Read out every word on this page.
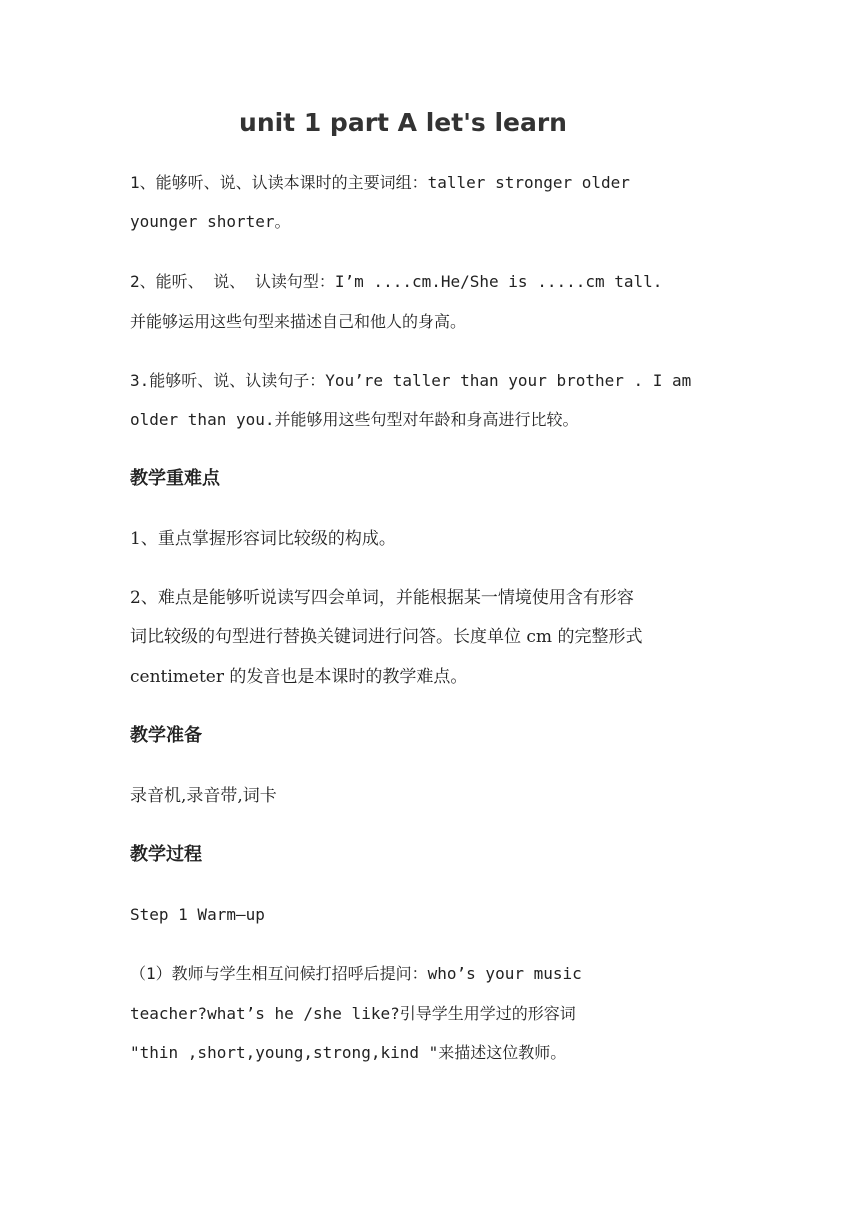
unit 1 part A let's learn
1、能够听、说、认读本课时的主要词组：taller stronger older
younger shorter。
2、能听、 说、 认读句型：I’m ....cm.He/She is .....cm tall.
并能够运用这些句型来描述自己和他人的身高。
3.能够听、说、认读句子：You’re taller than your brother . I am
older than you.并能够用这些句型对年龄和身高进行比较。
教学重难点
1、重点掌握形容词比较级的构成。
2、难点是能够听说读写四会单词，并能根据某一情境使用含有形容
词比较级的句型进行替换关键词进行问答。长度单位 cm 的完整形式
centimeter 的发音也是本课时的教学难点。
教学准备
录音机,录音带,词卡
教学过程
Step 1 Warm—up
（1）教师与学生相互问候打招呼后提问：who’s your music
teacher?what’s he /she like?引导学生用学过的形容词
"thin ,short,young,strong,kind "来描述这位教师。
